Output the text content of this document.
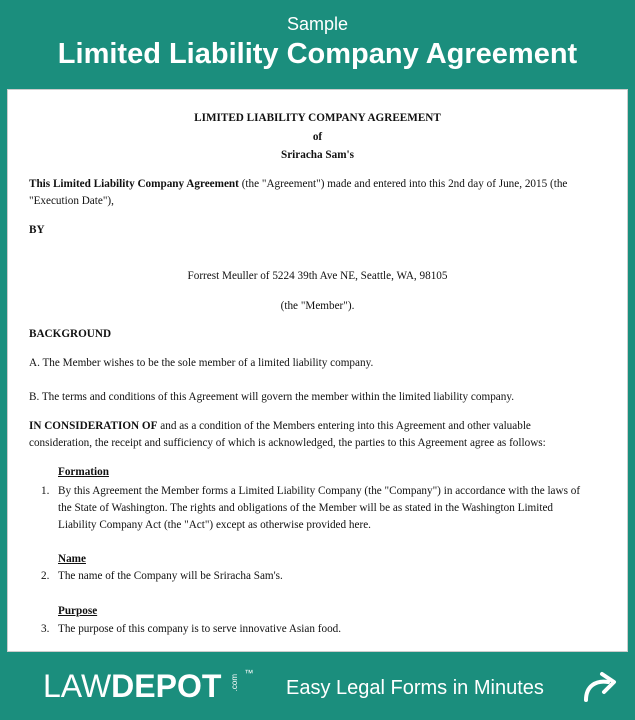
Sample
Limited Liability Company Agreement
LIMITED LIABILITY COMPANY AGREEMENT
of
Sriracha Sam's
This Limited Liability Company Agreement (the "Agreement") made and entered into this 2nd day of June, 2015 (the
"Execution Date"),
BY
Forrest Meuller of 5224 39th Ave NE, Seattle, WA, 98105
(the "Member").
BACKGROUND
A. The Member wishes to be the sole member of a limited liability company.
B. The terms and conditions of this Agreement will govern the member within the limited liability company.
IN CONSIDERATION OF and as a condition of the Members entering into this Agreement and other valuable
consideration, the receipt and sufficiency of which is acknowledged, the parties to this Agreement agree as follows:
Formation
1. By this Agreement the Member forms a Limited Liability Company (the "Company") in accordance with the laws of
the State of Washington. The rights and obligations of the Member will be as stated in the Washington Limited
Liability Company Act (the "Act") except as otherwise provided here.
Name
2. The name of the Company will be Sriracha Sam's.
Purpose
3. The purpose of this company is to serve innovative Asian food.
LAWDEPOT .com
™
Easy Legal Forms in Minutes
